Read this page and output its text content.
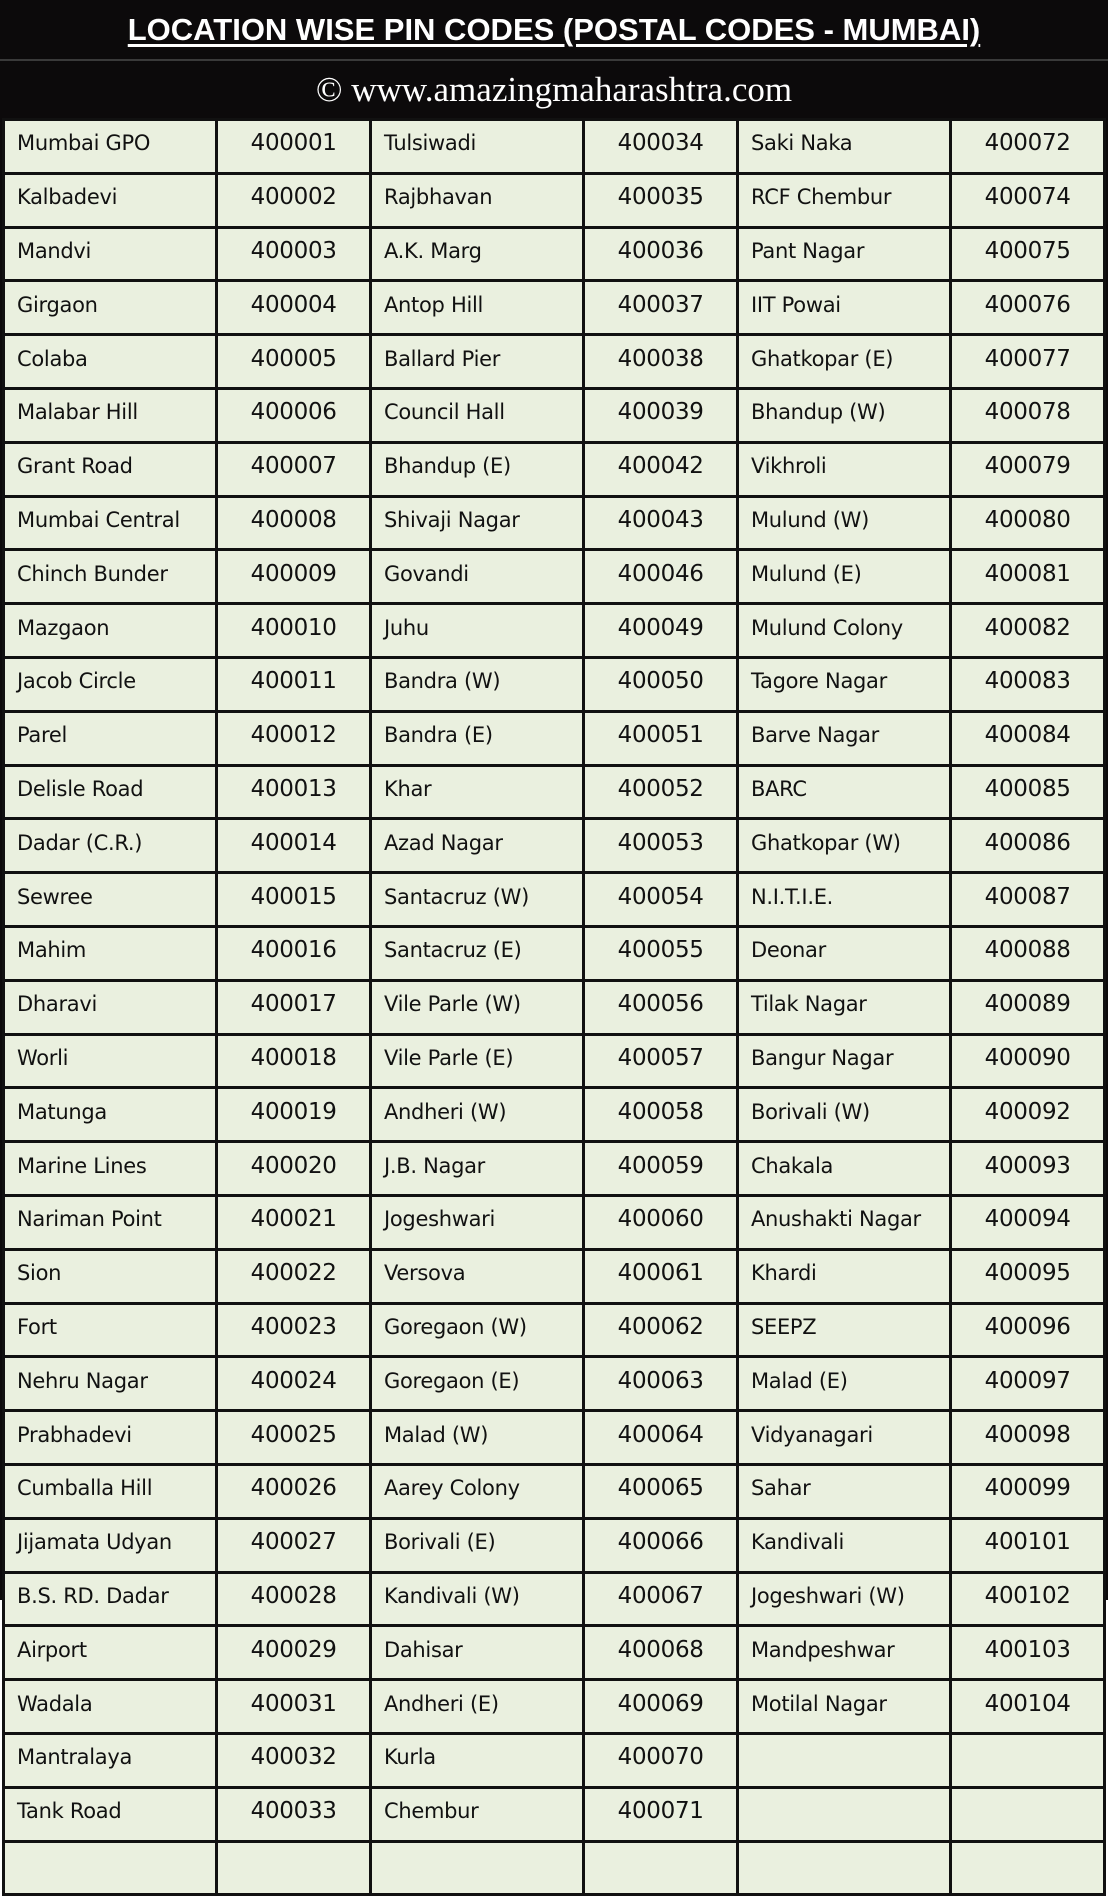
LOCATION WISE PIN CODES (POSTAL CODES - MUMBAI)
© www.amazingmaharashtra.com
Mumbai GPO	400001	Tulsiwadi	400034	Saki Naka	400072
Kalbadevi	400002	Rajbhavan	400035	RCF Chembur	400074
Mandvi	400003	A.K. Marg	400036	Pant Nagar	400075
Girgaon	400004	Antop Hill	400037	IIT Powai	400076
Colaba	400005	Ballard Pier	400038	Ghatkopar (E)	400077
Malabar Hill	400006	Council Hall	400039	Bhandup (W)	400078
Grant Road	400007	Bhandup (E)	400042	Vikhroli	400079
Mumbai Central	400008	Shivaji Nagar	400043	Mulund (W)	400080
Chinch Bunder	400009	Govandi	400046	Mulund (E)	400081
Mazgaon	400010	Juhu	400049	Mulund Colony	400082
Jacob Circle	400011	Bandra (W)	400050	Tagore Nagar	400083
Parel	400012	Bandra (E)	400051	Barve Nagar	400084
Delisle Road	400013	Khar	400052	BARC	400085
Dadar (C.R.)	400014	Azad Nagar	400053	Ghatkopar (W)	400086
Sewree	400015	Santacruz (W)	400054	N.I.T.I.E.	400087
Mahim	400016	Santacruz (E)	400055	Deonar	400088
Dharavi	400017	Vile Parle (W)	400056	Tilak Nagar	400089
Worli	400018	Vile Parle (E)	400057	Bangur Nagar	400090
Matunga	400019	Andheri (W)	400058	Borivali (W)	400092
Marine Lines	400020	J.B. Nagar	400059	Chakala	400093
Nariman Point	400021	Jogeshwari	400060	Anushakti Nagar	400094
Sion	400022	Versova	400061	Khardi	400095
Fort	400023	Goregaon (W)	400062	SEEPZ	400096
Nehru Nagar	400024	Goregaon (E)	400063	Malad (E)	400097
Prabhadevi	400025	Malad (W)	400064	Vidyanagari	400098
Cumballa Hill	400026	Aarey Colony	400065	Sahar	400099
Jijamata Udyan	400027	Borivali (E)	400066	Kandivali	400101
B.S. RD. Dadar	400028	Kandivali (W)	400067	Jogeshwari (W)	400102
Airport	400029	Dahisar	400068	Mandpeshwar	400103
Wadala	400031	Andheri (E)	400069	Motilal Nagar	400104
Mantralaya	400032	Kurla	400070		
Tank Road	400033	Chembur	400071		
